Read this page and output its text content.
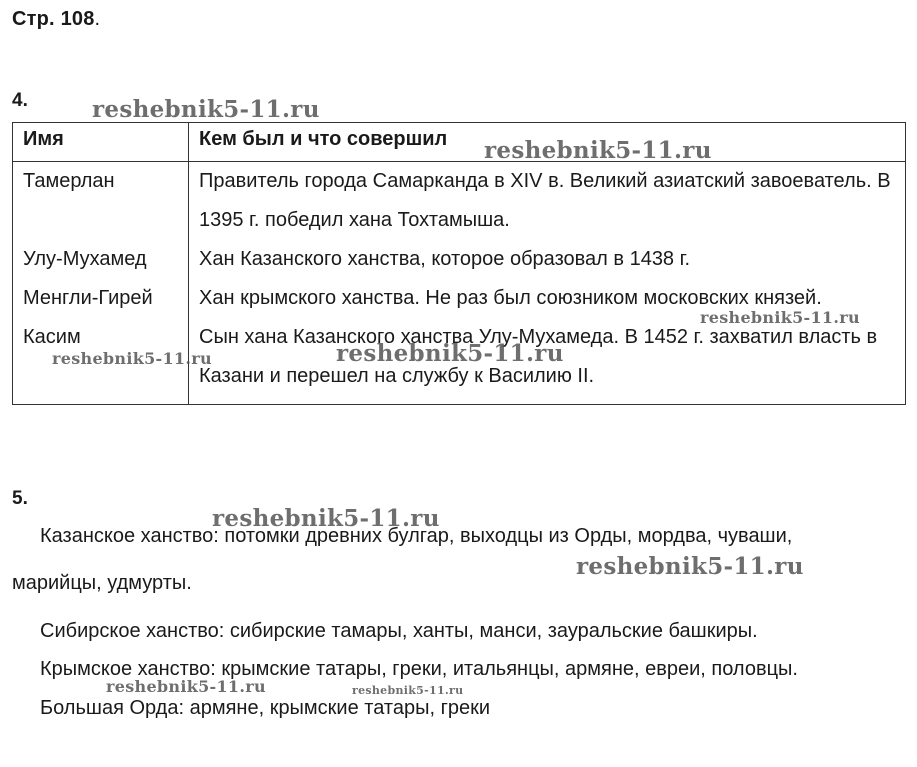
Стр. 108.
4.
Имя	Кем был и что совершил
Тамерлан	Правитель города Самарканда в XIV в. Великий азиатский завоеватель. В 1395 г. победил хана Тохтамыша.
Улу-Мухамед	Хан Казанского ханства, которое образовал в 1438 г.
Менгли-Гирей	Хан крымского ханства. Не раз был союзником московских князей.
Касим	Сын хана Казанского ханства Улу-Мухамеда. В 1452 г. захватил власть в Казани и перешел на службу к Василию II.
5.
Казанское ханство: потомки древних булгар, выходцы из Орды, мордва, чуваши,
марийцы, удмурты.
Сибирское ханство: сибирские тамары, ханты, манси, зауральские башкиры.
Крымское ханство: крымские татары, греки, итальянцы, армяне, евреи, половцы.
Большая Орда: армяне, крымские татары, греки
reshebnik5-11.ru
reshebnik5-11.ru
reshebnik5-11.ru
reshebnik5-11.ru	reshebnik5-11.ru
reshebnik5-11.ru
reshebnik5-11.ru
reshebnik5-11.ru	reshebnik5-11.ru
